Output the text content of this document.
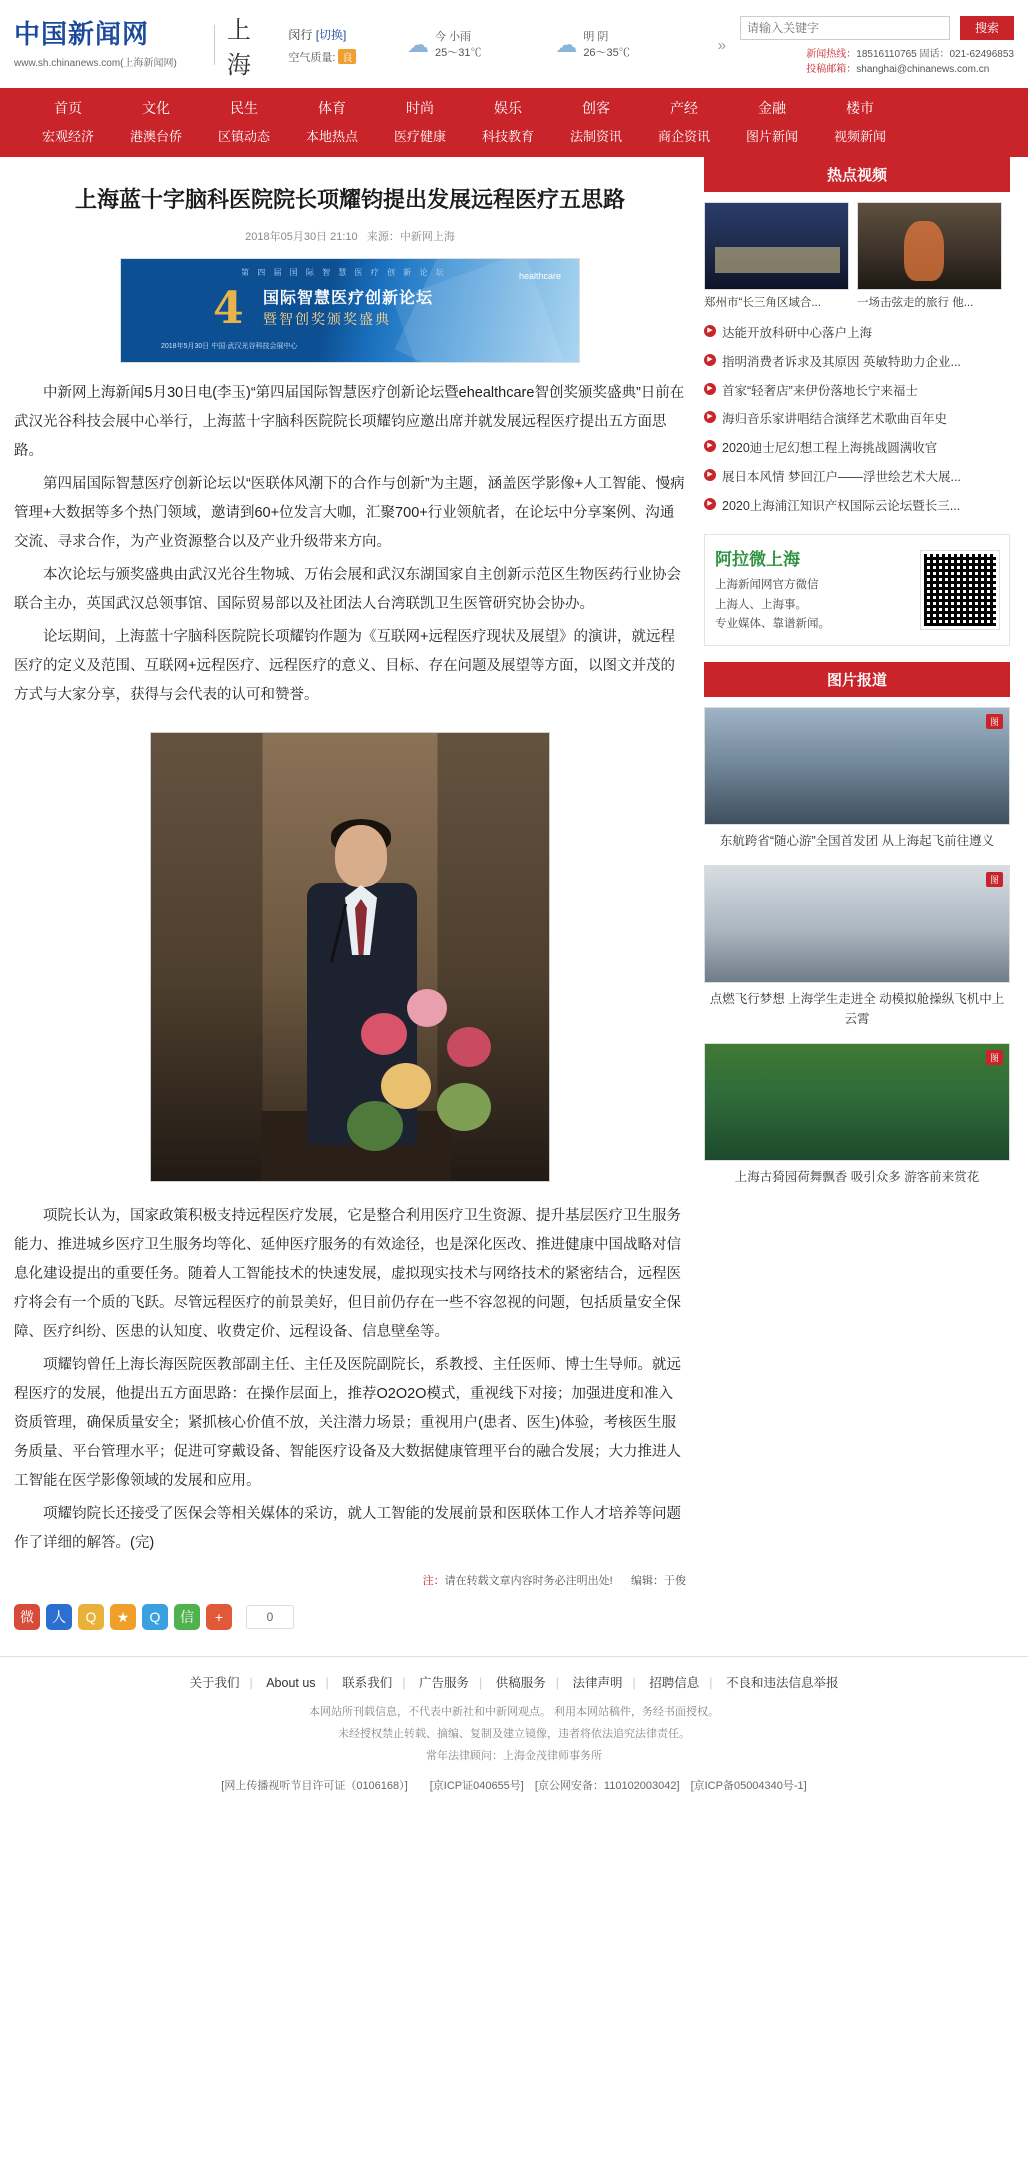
中国新闻网
www.sh.chinanews.com(上海新闻网)
上海
闵行 [切换]
空气质量: 良
☁ 今 小雨
25～31℃	☁ 明 阴
26～35℃	»
请输入关键字
搜索
新闻热线：18516110765 固话：021-62496853
投稿邮箱：shanghai@chinanews.com.cn
首页	文化	民生	体育	时尚	娱乐	创客	产经	金融	楼市
宏观经济	港澳台侨	区镇动态	本地热点	医疗健康	科技教育	法制资讯	商企资讯	图片新闻	视频新闻
上海蓝十字脑科医院院长项耀钧提出发展远程医疗五思路
2018年05月30日 21:10 来源：中新网上海
第 四 届 国 际 智 慧 医 疗 创 新 论 坛
4 国际智慧医疗创新论坛
暨智创奖颁奖盛典
2018年5月30日 中国·武汉光谷科技会展中心
healthcare

中新网上海新闻5月30日电(李玉)“第四届国际智慧医疗创新论坛暨ehealthcare智创奖颁奖盛典”日前在武汉光谷科技会展中心举行，上海蓝十字脑科医院院长项耀钧应邀出席并就发展远程医疗提出五方面思路。

第四届国际智慧医疗创新论坛以“医联体风潮下的合作与创新”为主题，涵盖医学影像+人工智能、慢病管理+大数据等多个热门领域，邀请到60+位发言大咖，汇聚700+行业领航者，在论坛中分享案例、沟通交流、寻求合作，为产业资源整合以及产业升级带来方向。

本次论坛与颁奖盛典由武汉光谷生物城、万佑会展和武汉东湖国家自主创新示范区生物医药行业协会联合主办，英国武汉总领事馆、国际贸易部以及社团法人台湾联凯卫生医管研究协会协办。

论坛期间，上海蓝十字脑科医院院长项耀钧作题为《互联网+远程医疗现状及展望》的演讲，就远程医疗的定义及范围、互联网+远程医疗、远程医疗的意义、目标、存在问题及展望等方面，以图文并茂的方式与大家分享，获得与会代表的认可和赞誉。

项院长认为，国家政策积极支持远程医疗发展，它是整合利用医疗卫生资源、提升基层医疗卫生服务能力、推进城乡医疗卫生服务均等化、延伸医疗服务的有效途径，也是深化医改、推进健康中国战略对信息化建设提出的重要任务。随着人工智能技术的快速发展，虚拟现实技术与网络技术的紧密结合，远程医疗将会有一个质的飞跃。尽管远程医疗的前景美好，但目前仍存在一些不容忽视的问题，包括质量安全保障、医疗纠纷、医患的认知度、收费定价、远程设备、信息壁垒等。

项耀钧曾任上海长海医院医教部副主任、主任及医院副院长，系教授、主任医师、博士生导师。就远程医疗的发展，他提出五方面思路：在操作层面上，推荐O2O2O模式，重视线下对接；加强进度和准入资质管理，确保质量安全；紧抓核心价值不放，关注潜力场景；重视用户(患者、医生)体验，考核医生服务质量、平台管理水平；促进可穿戴设备、智能医疗设备及大数据健康管理平台的融合发展；大力推进人工智能在医学影像领域的发展和应用。

项耀钧院长还接受了医保会等相关媒体的采访，就人工智能的发展前景和医联体工作人才培养等问题作了详细的解答。(完)

注：请在转载文章内容时务必注明出处! 编辑：于俊
微	人	Q	★	Q	信	+	0
热点视频
郑州市“长三角区域合...	一场击弦走的旅行 他...
▶ 达能开放科研中心落户上海
▶ 指明消费者诉求及其原因 英敏特助力企业...
▶ 首家“轻奢店”来伊份落地长宁来福士
▶ 海归音乐家讲唱结合演绎艺术歌曲百年史
▶ 2020迪士尼幻想工程上海挑战圆满收官
▶ 展日本风情 梦回江户——浮世绘艺术大展...
▶ 2020上海浦江知识产权国际云论坛暨长三...
阿拉微上海
上海新闻网官方微信
上海人、上海事。
专业媒体、靠谱新闻。
图片报道
图
东航跨省“随心游”全国首发团 从上海起飞前往遵义
图
点燃飞行梦想 上海学生走进全 动模拟舱操纵飞机中上云霄
图
上海古猗园荷舞飘香 吸引众多 游客前来赏花
关于我们 | About us | 联系我们 | 广告服务 | 供稿服务 | 法律声明 | 招聘信息 | 不良和违法信息举报
本网站所刊载信息，不代表中新社和中新网观点。 利用本网站稿件，务经书面授权。
未经授权禁止转载、摘编、复制及建立镜像，违者将依法追究法律责任。
常年法律顾问：上海金茂律师事务所
[网上传播视听节目许可证（0106168）]　　[京ICP证040655号]　[京公网安备：110102003042]　[京ICP备05004340号-1]
